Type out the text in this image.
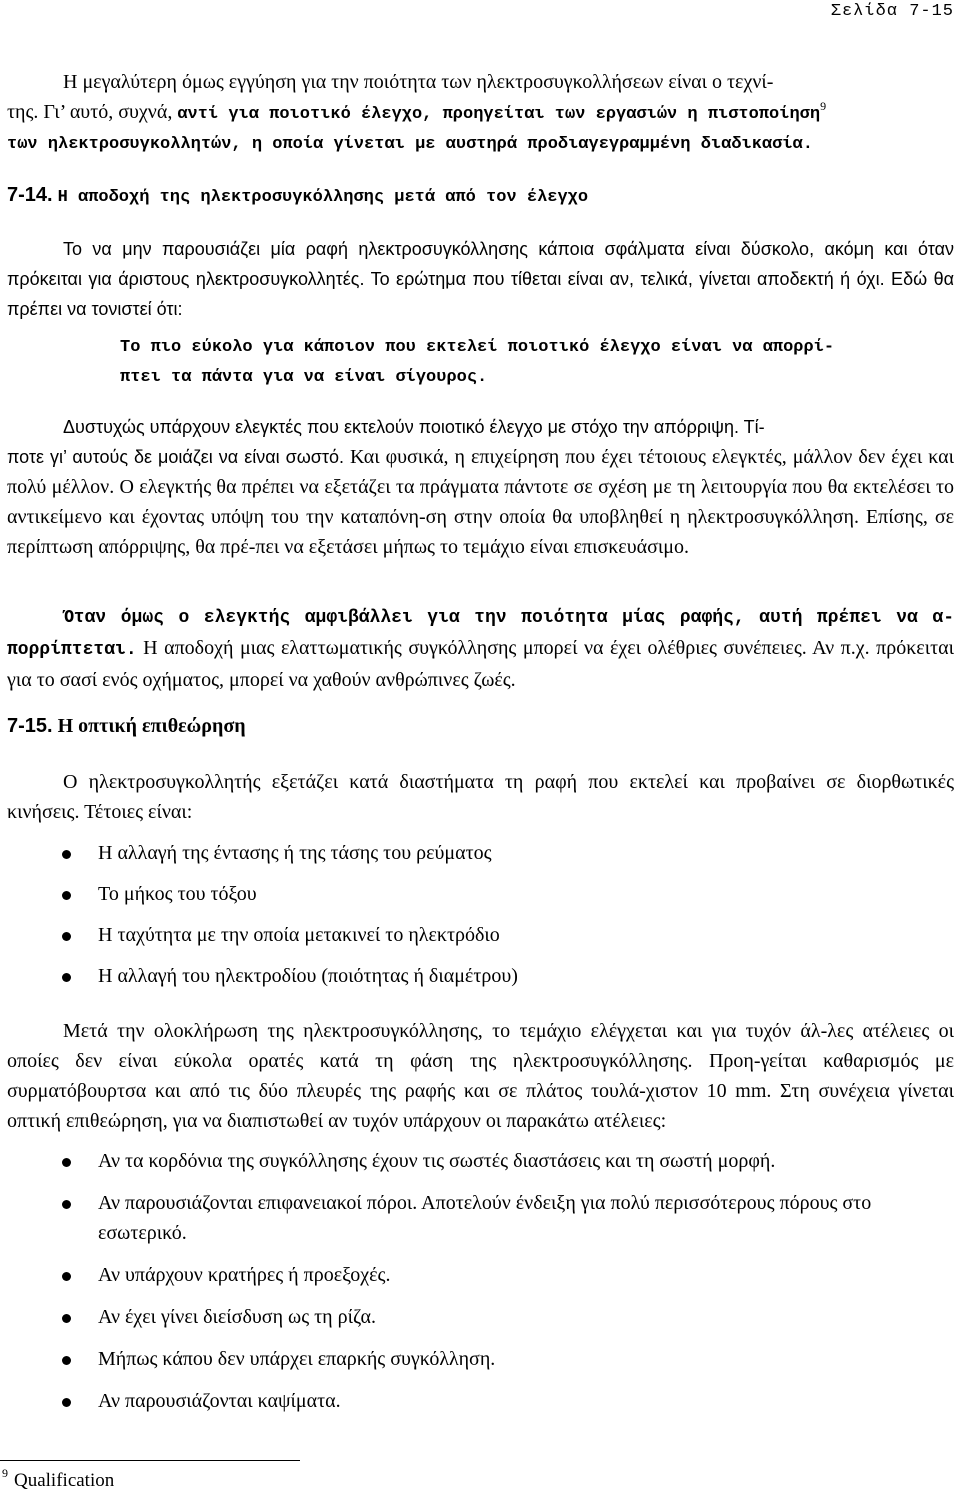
Σελίδα 7-15
Η μεγαλύτερη όμως εγγύηση για την ποιότητα των ηλεκτροσυγκολλήσεων είναι ο τεχνί-
της. Γι’ αυτό, συχνά, αντί για ποιοτικό έλεγχο, προηγείται των εργασιών η πιστοποίηση$^9$
των ηλεκτροσυγκολλητών, η οποία γίνεται με αυστηρά προδιαγεγραμμένη διαδικασία.
7-14. Η αποδοχή της ηλεκτροσυγκόλλησης μετά από τον έλεγχο
Το να μην παρουσιάζει μία ραφή ηλεκτροσυγκόλλησης κάποια σφάλματα είναι δύσκολο, ακόμη και όταν πρόκειται για άριστους ηλεκτροσυγκολλητές. Το ερώτημα που τίθεται είναι αν, τελικά, γίνεται αποδεκτή ή όχι. Εδώ θα πρέπει να τονιστεί ότι:
Το πιο εύκολο για κάποιον που εκτελεί ποιοτικό έλεγχο είναι να απορρί-
πτει τα πάντα για να είναι σίγουρος.
Δυστυχώς υπάρχουν ελεγκτές που εκτελούν ποιοτικό έλεγχο με στόχο την απόρριψη. Τί-
ποτε γι’ αυτούς δε μοιάζει να είναι σωστό. Και φυσικά, η επιχείρηση που έχει τέτοιους ελεγκτές, μάλλον δεν έχει και πολύ μέλλον. Ο ελεγκτής θα πρέπει να εξετάζει τα πράγματα πάντοτε σε σχέση με τη λειτουργία που θα εκτελέσει το αντικείμενο και έχοντας υπόψη του την καταπόνη-ση στην οποία θα υποβληθεί η ηλεκτροσυγκόλληση. Επίσης, σε περίπτωση απόρριψης, θα πρέ-πει να εξετάσει μήπως το τεμάχιο είναι επισκευάσιμο.
Όταν όμως ο ελεγκτής αμφιβάλλει για την ποιότητα μίας ραφής, αυτή πρέπει να α-πορρίπτεται. Η αποδοχή μιας ελαττωματικής συγκόλλησης μπορεί να έχει ολέθριες συνέπειες. Αν π.χ. πρόκειται για το σασί ενός οχήματος, μπορεί να χαθούν ανθρώπινες ζωές.
7-15. Η οπτική επιθεώρηση
Ο ηλεκτροσυγκολλητής εξετάζει κατά διαστήματα τη ραφή που εκτελεί και προβαίνει σε διορθωτικές κινήσεις. Τέτοιες είναι:
Η αλλαγή της έντασης ή της τάσης του ρεύματος
Το μήκος του τόξου
Η ταχύτητα με την οποία μετακινεί το ηλεκτρόδιο
Η αλλαγή του ηλεκτροδίου (ποιότητας ή διαμέτρου)
Μετά την ολοκλήρωση της ηλεκτροσυγκόλλησης, το τεμάχιο ελέγχεται και για τυχόν άλ-λες ατέλειες οι οποίες δεν είναι εύκολα ορατές κατά τη φάση της ηλεκτροσυγκόλλησης. Προη-γείται καθαρισμός με συρματόβουρτσα και από τις δύο πλευρές της ραφής και σε πλάτος τουλά-χιστον 10 mm. Στη συνέχεια γίνεται οπτική επιθεώρηση, για να διαπιστωθεί αν τυχόν υπάρχουν οι παρακάτω ατέλειες:
Αν τα κορδόνια της συγκόλλησης έχουν τις σωστές διαστάσεις και τη σωστή μορφή.
Αν παρουσιάζονται επιφανειακοί πόροι. Αποτελούν ένδειξη για πολύ περισσότερους πόρους στο εσωτερικό.
Αν υπάρχουν κρατήρες ή προεξοχές.
Αν έχει γίνει διείσδυση ως τη ρίζα.
Μήπως κάπου δεν υπάρχει επαρκής συγκόλληση.
Αν παρουσιάζονται καψίματα.
$^9$ Qualification
